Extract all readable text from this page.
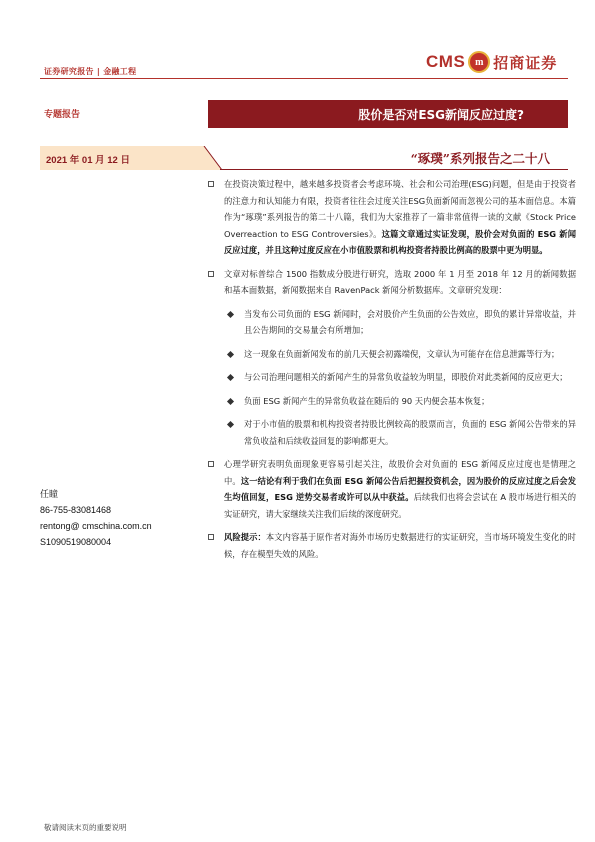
证券研究报告 | 金融工程
CMS m 招商证券
专题报告	股价是否对ESG新闻反应过度?
2021 年 01 月 12 日	“琢璞”系列报告之二十八
任瞳
86-755-83081468
rentong@ cmschina.com.cn
S1090519080004
在投资决策过程中，越来越多投资者会考虑环境、社会和公司治理(ESG)问题，但是由于投资者的注意力和认知能力有限，投资者往往会过度关注ESG负面新闻而忽视公司的基本面信息。本篇作为“琢璞”系列报告的第二十八篇，我们为大家推荐了一篇非常值得一读的文献《Stock Price Overreaction to ESG Controversies》。这篇文章通过实证发现，股价会对负面的 ESG 新闻反应过度，并且这种过度反应在小市值股票和机构投资者持股比例高的股票中更为明显。
文章对标普综合 1500 指数成分股进行研究，选取 2000 年 1 月至 2018 年 12 月的新闻数据和基本面数据，新闻数据来自 RavenPack 新闻分析数据库。文章研究发现：
当发布公司负面的 ESG 新闻时，会对股价产生负面的公告效应，即负的累计异常收益，并且公告期间的交易量会有所增加；
这一现象在负面新闻发布的前几天便会初露端倪，文章认为可能存在信息泄露等行为；
与公司治理问题相关的新闻产生的异常负收益较为明显，即股价对此类新闻的反应更大；
负面 ESG 新闻产生的异常负收益在随后的 90 天内便会基本恢复；
对于小市值的股票和机构投资者持股比例较高的股票而言，负面的 ESG 新闻公告带来的异常负收益和后续收益回复的影响都更大。
心理学研究表明负面现象更容易引起关注，故股价会对负面的 ESG 新闻反应过度也是情理之中。这一结论有利于我们在负面 ESG 新闻公告后把握投资机会，因为股价的反应过度之后会发生均值回复，ESG 逆势交易者或许可以从中获益。后续我们也将会尝试在 A 股市场进行相关的实证研究，请大家继续关注我们后续的深度研究。
风险提示：本文内容基于原作者对海外市场历史数据进行的实证研究，当市场环境发生变化的时候，存在模型失效的风险。
敬请阅读末页的重要说明
